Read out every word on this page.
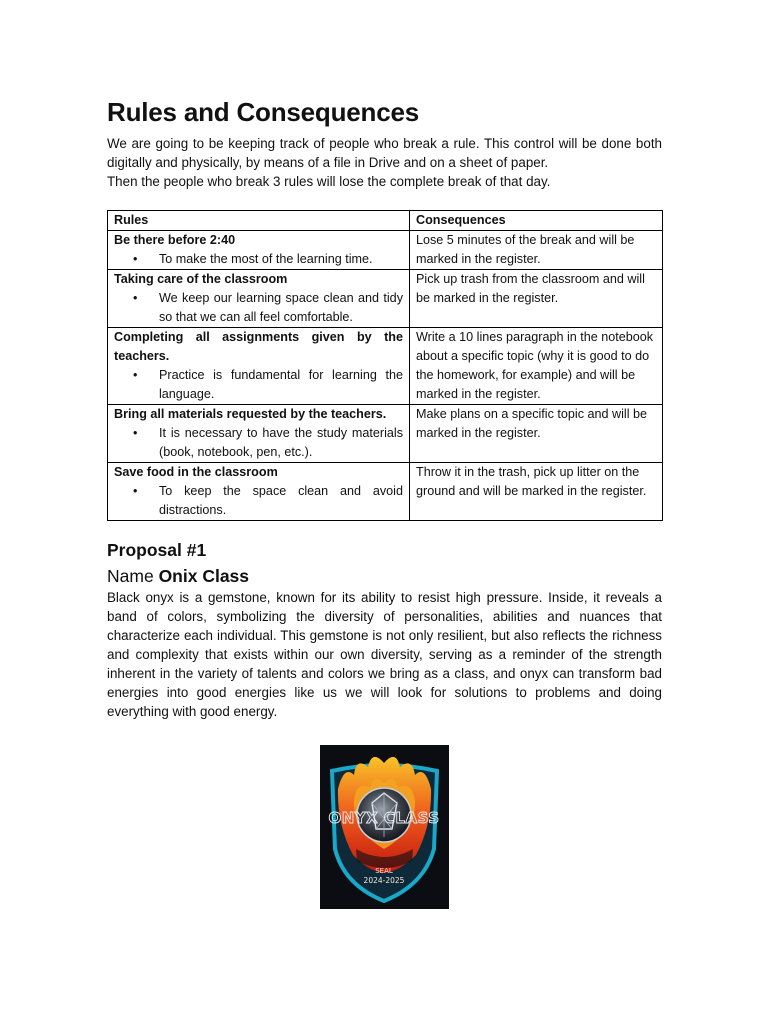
Rules and Consequences

We are going to be keeping track of people who break a rule. This control will be done both digitally and physically, by means of a file in Drive and on a sheet of paper.

Then the people who break 3 rules will lose the complete break of that day.

Rules	Consequences

Be there before 2:40
• To make the most of the learning time.	Lose 5 minutes of the break and will be marked in the register.

Taking care of the classroom
• We keep our learning space clean and tidy so that we can all feel comfortable.	Pick up trash from the classroom and will be marked in the register.

Completing all assignments given by the teachers.
• Practice is fundamental for learning the language.	Write a 10 lines paragraph in the notebook about a specific topic (why it is good to do the homework, for example) and will be marked in the register.

Bring all materials requested by the teachers.
• It is necessary to have the study materials (book, notebook, pen, etc.).	Make plans on a specific topic and will be marked in the register.

Save food in the classroom
• To keep the space clean and avoid distractions.	Throw it in the trash, pick up litter on the ground and will be marked in the register.
Proposal #1
Name Onix Class

Black onyx is a gemstone, known for its ability to resist high pressure. Inside, it reveals a band of colors, symbolizing the diversity of personalities, abilities and nuances that characterize each individual. This gemstone is not only resilient, but also reflects the richness and complexity that exists within our own diversity, serving as a reminder of the strength inherent in the variety of talents and colors we bring as a class, and onyx can transform bad energies into good energies like us we will look for solutions to problems and doing everything with good energy.

ONYX CLASS
SEAL
2024-2025
